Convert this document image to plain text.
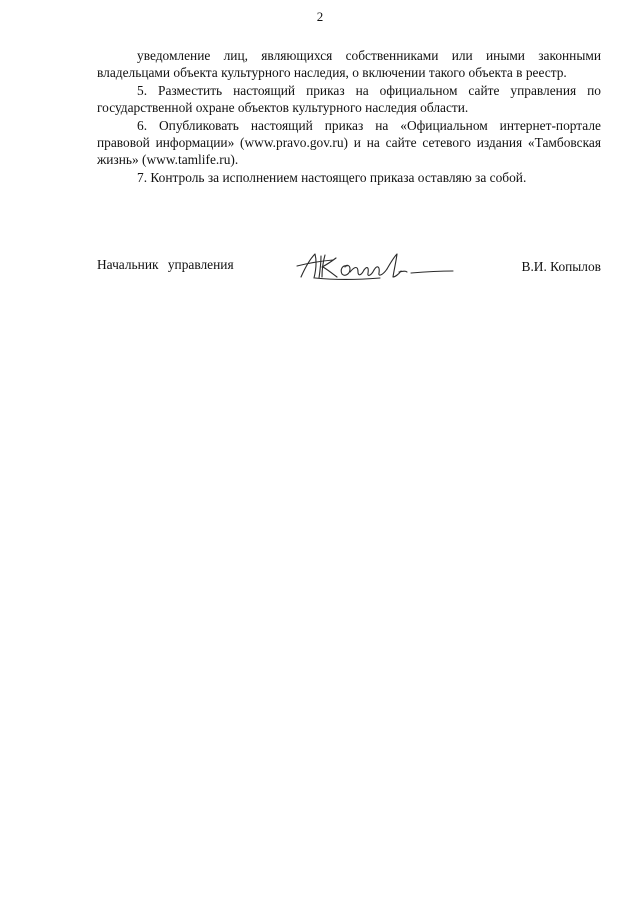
2

уведомление лиц, являющихся собственниками или иными законными владельцами объекта культурного наследия, о включении такого объекта в реестр.

5. Разместить настоящий приказ на официальном сайте управления по государственной охране объектов культурного наследия области.

6. Опубликовать настоящий приказ на «Официальном интернет-портале правовой информации» (www.pravo.gov.ru) и на сайте сетевого издания «Тамбовская жизнь» (www.tamlife.ru).

7. Контроль за исполнением настоящего приказа оставляю за собой.

Начальник управления	В.И. Копылов
